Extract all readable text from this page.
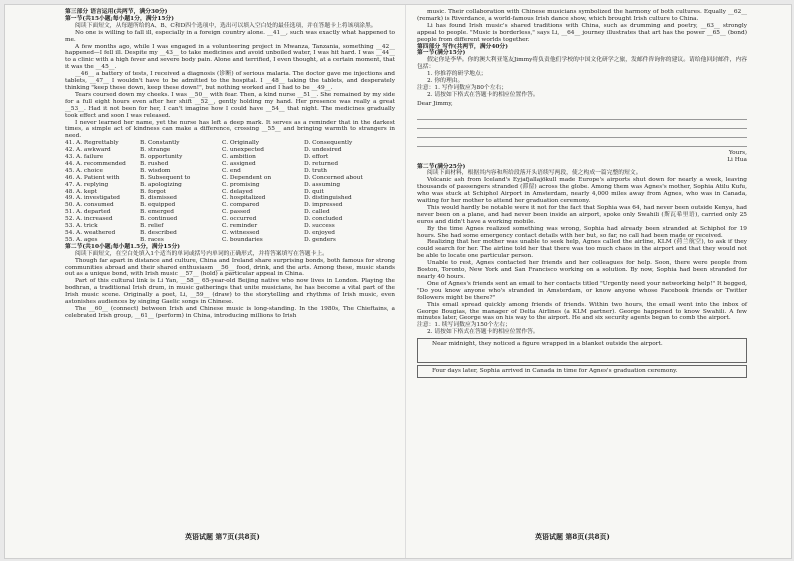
第三部分 语言运用(共两节，满分30分)

第一节(共15小题;每小题1分，满分15分)

阅读下面短文，从每题所给的A、B、C和D四个选项中，选出可以填入空白处的最佳选项，并在答题卡上将该项涂黑。

No one is willing to fall ill, especially in a foreign country alone. __41__, such was exactly what happened to me.

A few months ago, while I was engaged in a volunteering project in Mwanza, Tanzania, something __42__ happened—I fell ill. Despite my __43__ to take medicines and avoid unboiled water, I was hit hard. I was __44__ to a clinic with a high fever and severe body pain. Alone and terrified, I even thought, at a certain moment, that it was the __45__.

__46__ a battery of tests, I received a diagnosis (诊断) of serious malaria. The doctor gave me injections and tablets, __47__ I wouldn't have to be admitted to the hospital. I __48__ taking the tablets, and desperately thinking "keep these down, keep these down!", but nothing worked and I had to be __49__.

Tears coursed down my cheeks. I was __50__ with fear. Then, a kind nurse __51__. She remained by my side for a full eight hours even after her shift __52__, gently holding my hand. Her presence was really a great __53__. Had it not been for her, I can't imagine how I could have __54__ that night. The medicines gradually took effect and soon I was released.

I never learned her name, yet the nurse has left a deep mark. It serves as a reminder that in the darkest times, a simple act of kindness can make a difference, crossing __55__ and bringing warmth to strangers in need.

41. A. Regrettably	B. Constantly	C. Originally	D. Consequently
42. A. awkward	B. strange	C. unexpected	D. undesired
43. A. failure	B. opportunity	C. ambition	D. effort
44. A. recommended	B. rushed	C. assigned	D. returned
45. A. choice	B. wisdom	C. end	D. truth
46. A. Patient with	B. Subsequent to	C. Dependent on	D. Concerned about
47. A. replying	B. apologizing	C. promising	D. assuming
48. A. kept	B. forgot	C. delayed	D. quit
49. A. investigated	B. dismissed	C. hospitalized	D. distinguished
50. A. consumed	B. equipped	C. compared	D. impressed
51. A. departed	B. emerged	C. passed	D. called
52. A. increased	B. continued	C. occurred	D. concluded
53. A. trick	B. relief	C. reminder	D. success
54. A. weathered	B. described	C. witnessed	D. enjoyed
55. A. ages	B. races	C. boundaries	D. genders

第二节(共10小题;每小题1.5分，满分15分)

阅读下面短文，在空白处填入1个适当的单词或括号内单词的正确形式，并将答案填写在答题卡上。

Though far apart in distance and culture, China and Ireland share surprising bonds, both famous for strong communities abroad and their shared enthusiasm __56__ food, drink, and the arts. Among these, music stands out as a unique bond, with Irish music __57__ (hold) a particular appeal in China.

Part of this cultural link is Li Yan, __58__ 65-year-old Beijing native who now lives in London. Playing the bodhran, a traditional Irish drum, in music gatherings that unite musicians, he has become a vital part of the Irish music scene. Originally a poet, Li, __59__ (draw) to the storytelling and rhythms of Irish music, even astonishes audiences by singing Gaelic songs in Chinese.

The __60__ (connect) between Irish and Chinese music is long-standing. In the 1980s, The Chieftains, a celebrated Irish group, __61__ (perform) in China, introducing millions to Irish

英语试题 第7页(共8页)

music. Their collaboration with Chinese musicians symbolized the harmony of both cultures. Equally __62__ (remark) is Riverdance, a world-famous Irish dance show, which brought Irish culture to China.

Li has found Irish music's shared traditions with China, such as drumming and poetry, __63__ strongly appeal to people. "Music is borderless," says Li, __64__ journey illustrates that art has the power __65__ (bond) people from different worlds together.

第四部分 写作(共两节，满分40分)

第一节(满分15分)

假定你是李华。你的澳大利亚笔友Jimmy将负责他们学校的中国文化研学之旅，发邮件咨询你的建议。请给他回封邮件，内容包括：

1. 你推荐的研学地点；

2. 你的理由。

注意：1. 写作词数应为80个左右；

2. 请按如下格式在答题卡的相应位置作答。

Dear Jimmy,

Yours,

Li Hua

第二节(满分25分)

阅读下面材料，根据其内容和所给段落开头语续写两段，使之构成一篇完整的短文。

Volcanic ash from Iceland's Eyjafjallajökull made Europe's airports shut down for nearly a week, leaving thousands of passengers stranded (滞留) across the globe. Among them was Agnes's mother, Sophia Atilu Kufu, who was stuck at Schiphol Airport in Amsterdam, nearly 4,000 miles away from Agnes, who was in Canada, waiting for her mother to attend her graduation ceremony.

This would hardly be notable were it not for the fact that Sophia was 64, had never been outside Kenya, had never been on a plane, and had never been inside an airport, spoke only Swahili (斯瓦希里语), carried only 25 euros and didn't have a working mobile.

By the time Agnes realized something was wrong, Sophia had already been stranded at Schiphol for 19 hours. She had some emergency contact details with her but, so far, no call had been made or received.

Realizing that her mother was unable to seek help, Agnes called the airline, KLM (荷兰航空), to ask if they could search for her. The airline told her that there was too much chaos in the airport and that they would not be able to locate one particular person.

Unable to rest, Agnes contacted her friends and her colleagues for help. Soon, there were people from Boston, Toronto, New York and San Francisco working on a solution. By now, Sophia had been stranded for nearly 40 hours.

One of Agnes's friends sent an email to her contacts titled "Urgently need your networking help!" It begged, "Do you know anyone who's stranded in Amsterdam, or know anyone whose Facebook friends or Twitter followers might be there?"

This email spread quickly among friends of friends. Within two hours, the email went into the inbox of George Bougias, the manager of Delta Airlines (a KLM partner). George happened to know Swahili. A few minutes later, George was on his way to the airport. He and six security agents began to comb the airport.

注意：1. 续写词数应为150个左右；

2. 请按如下格式在答题卡的相应位置作答。

Near midnight, they noticed a figure wrapped in a blanket outside the airport.

Four days later, Sophia arrived in Canada in time for Agnes's graduation ceremony.

英语试题 第8页(共8页)
